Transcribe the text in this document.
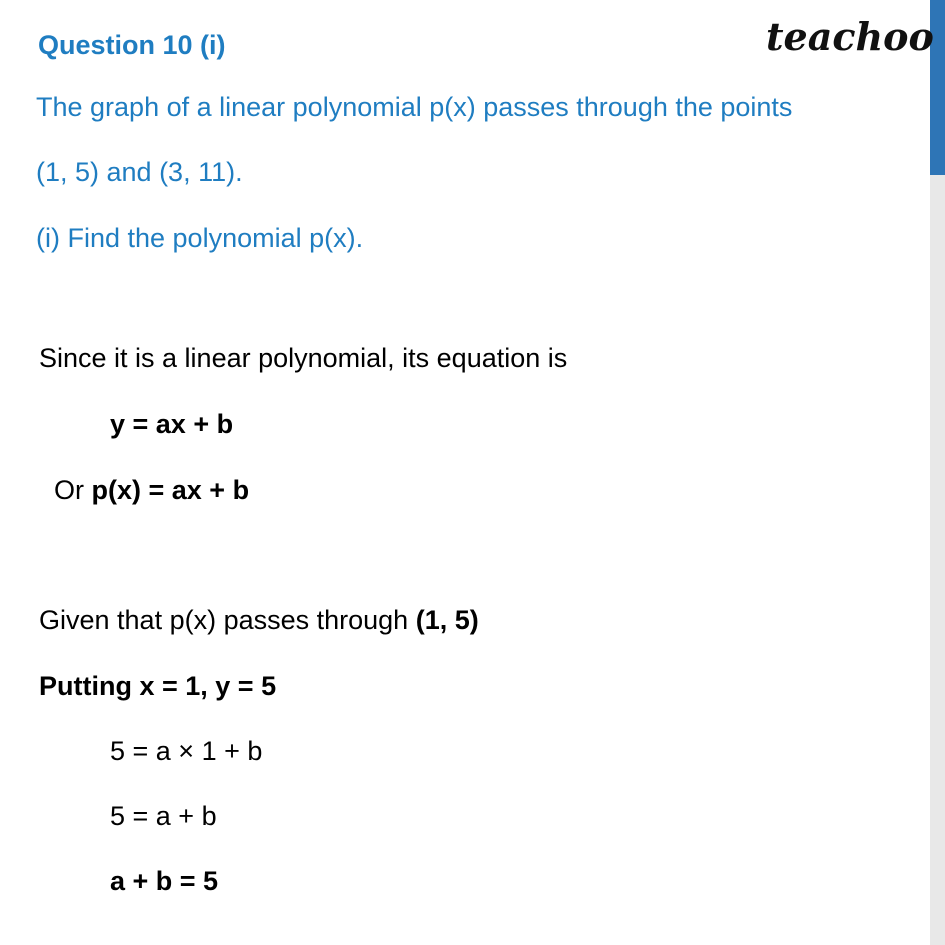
teachoo
Question 10 (i)
The graph of a linear polynomial p(x) passes through the points
(1, 5) and (3, 11).
(i) Find the polynomial p(x).
Since it is a linear polynomial, its equation is
y = ax + b
Or p(x) = ax + b
Given that p(x) passes through (1, 5)
Putting x = 1, y = 5
5 = a × 1 + b
5 = a + b
a + b = 5
